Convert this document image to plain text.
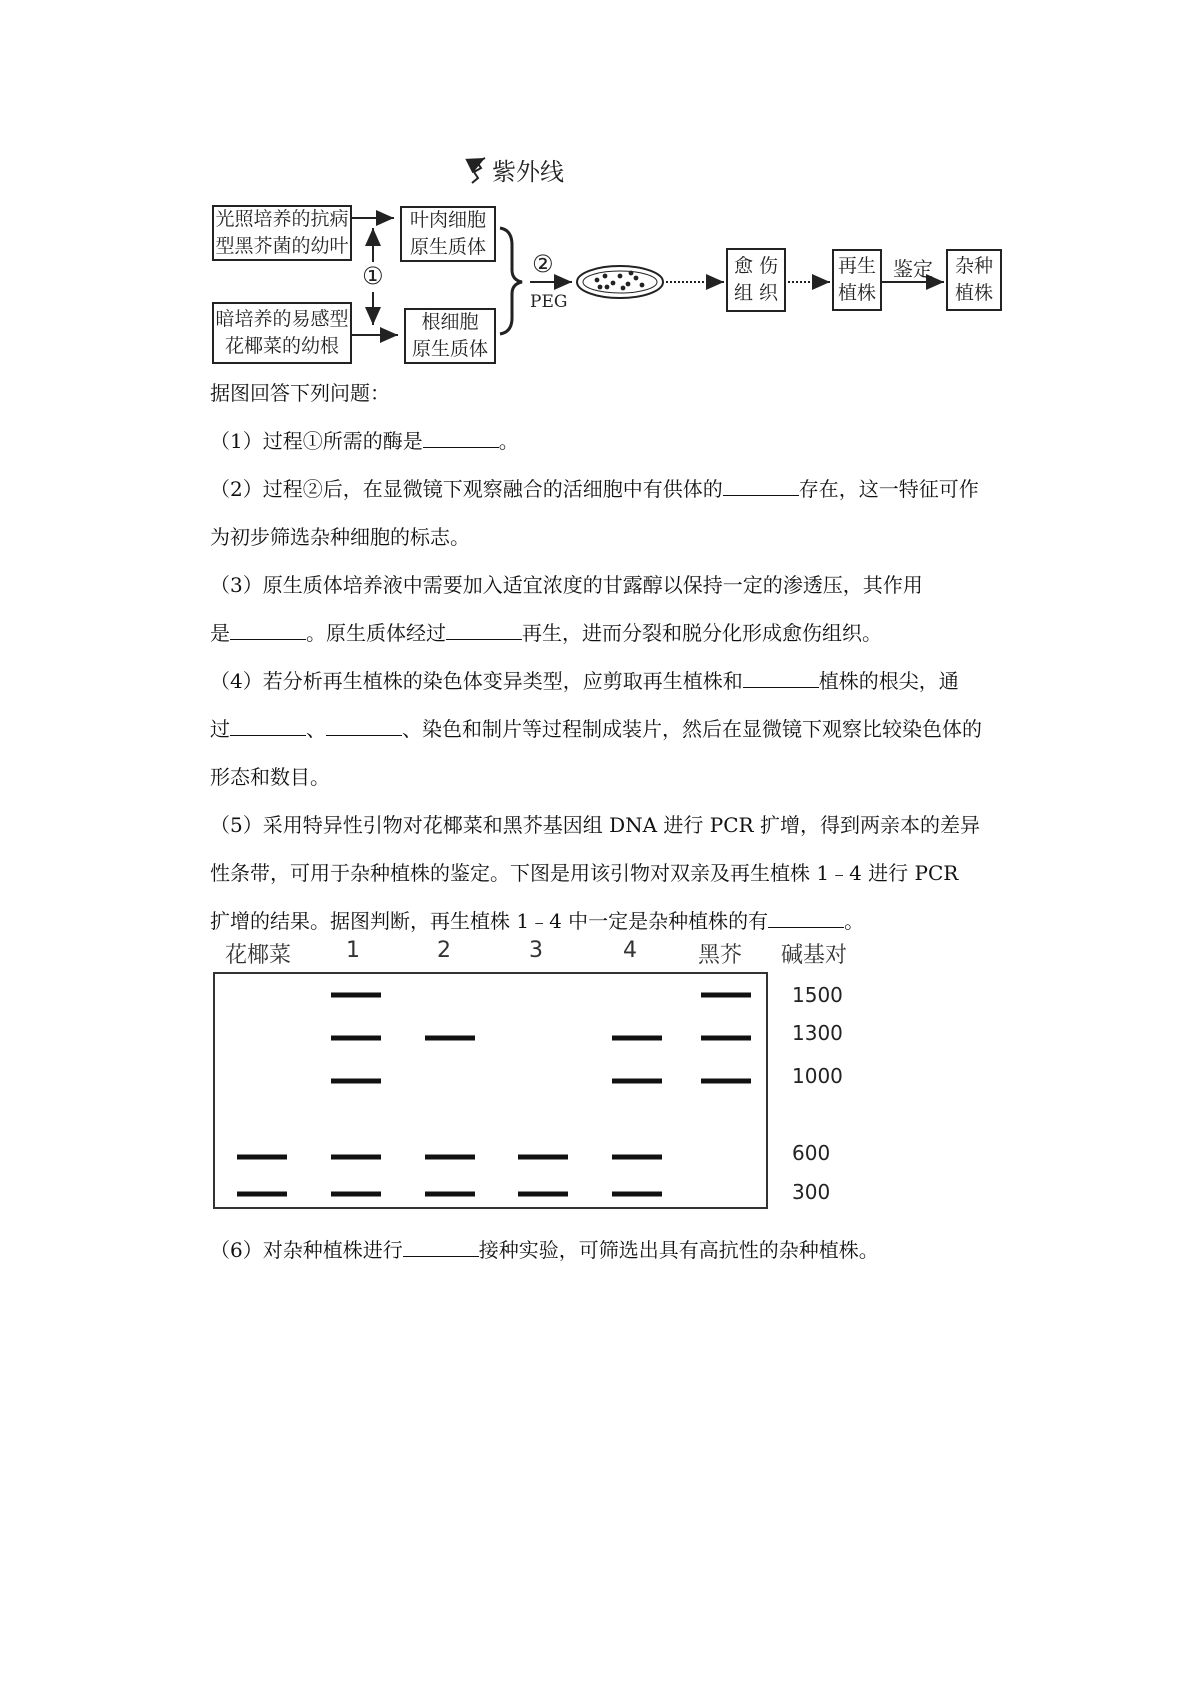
紫外线
光照培养的抗病
型黑芥菌的幼叶
暗培养的易感型
花椰菜的幼根
叶肉细胞
原生质体
根细胞
原生质体
①	②
PEG
愈 伤
组 织
再生
植株
鉴定 杂种
植株

据图回答下列问题：

（1）过程①所需的酶是	。

（2）过程②后，在显微镜下观察融合的活细胞中有供体的	存在，这一特征可作

为初步筛选杂种细胞的标志。

（3）原生质体培养液中需要加入适宜浓度的甘露醇以保持一定的渗透压，其作用

是	。原生质体经过	再生，进而分裂和脱分化形成愈伤组织。

（4）若分析再生植株的染色体变异类型，应剪取再生植株和	植株的根尖，通

过	、	、染色和制片等过程制成装片，然后在显微镜下观察比较染色体的

形态和数目。

（5）采用特异性引物对花椰菜和黑芥基因组 DNA 进行 PCR 扩增，得到两亲本的差异

性条带，可用于杂种植株的鉴定。下图是用该引物对双亲及再生植株 1﹣4 进行 PCR

扩增的结果。据图判断，再生植株 1﹣4 中一定是杂种植株的有	。

花椰菜 1	2	3	4	黑芥 碱基对
1500
1300
1000
600
300

（6）对杂种植株进行	接种实验，可筛选出具有高抗性的杂种植株。
